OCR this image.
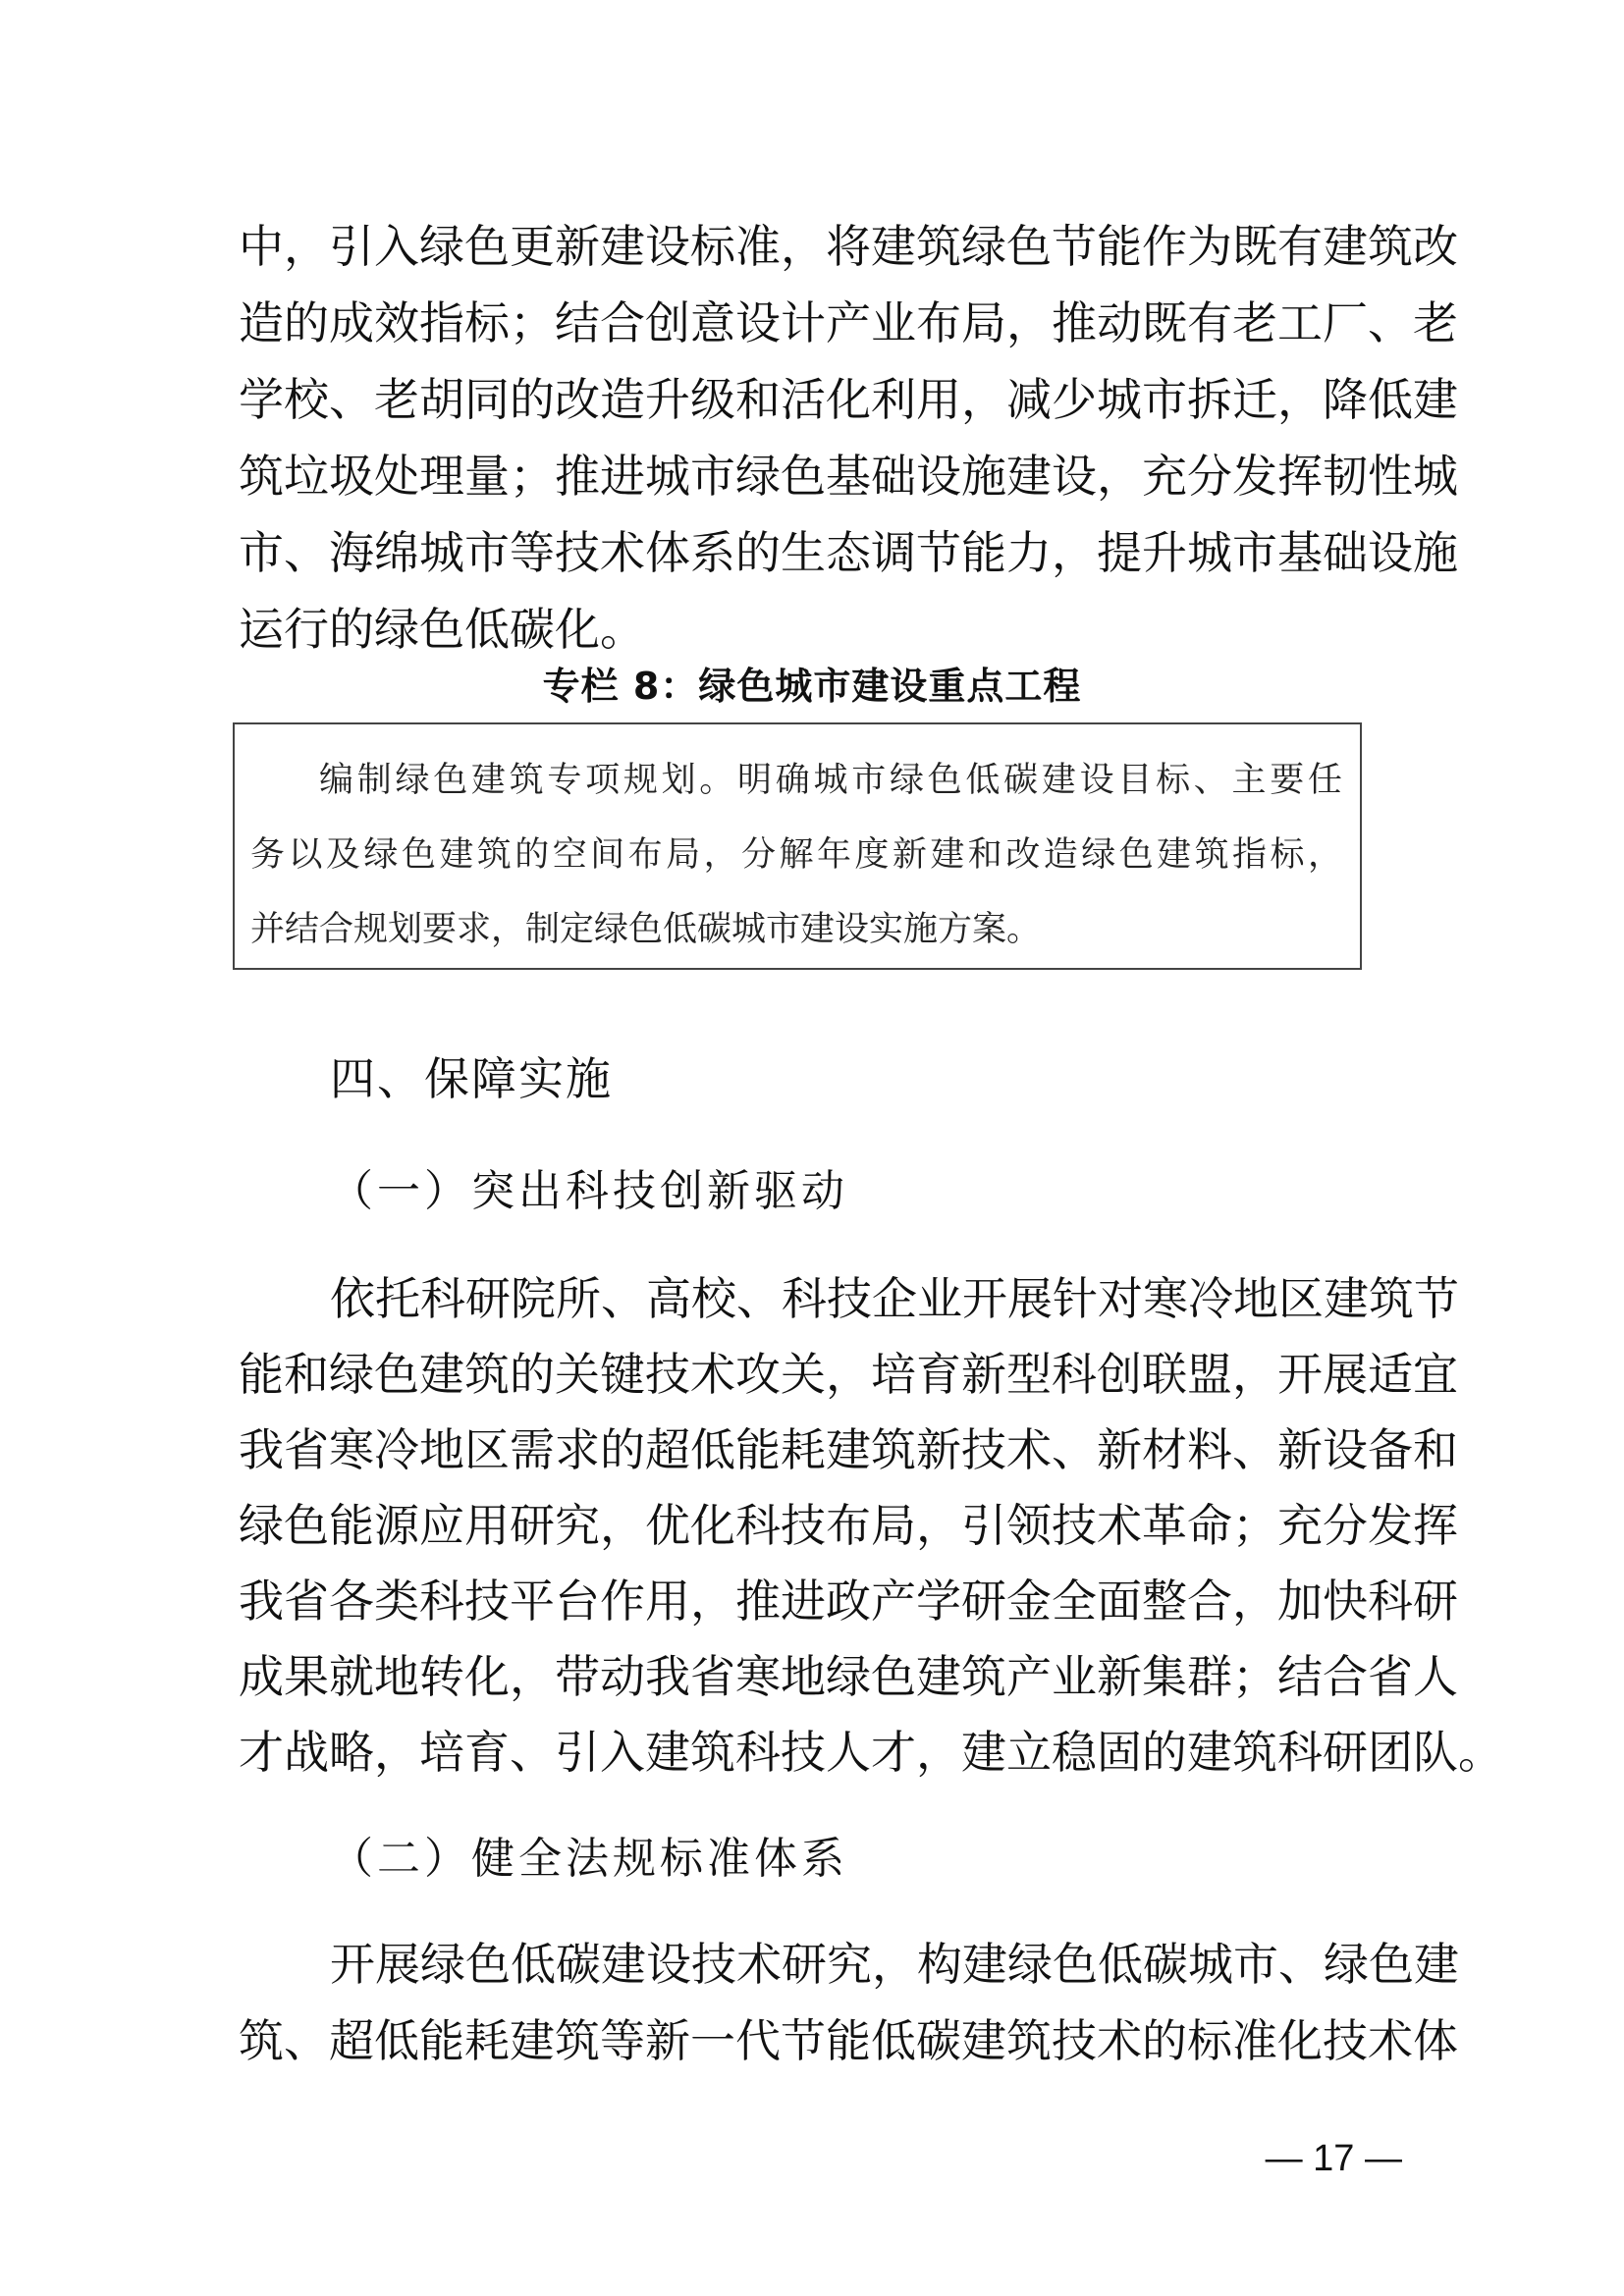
中，引入绿色更新建设标准，将建筑绿色节能作为既有建筑改
造的成效指标；结合创意设计产业布局，推动既有老工厂、老
学校、老胡同的改造升级和活化利用，减少城市拆迁，降低建
筑垃圾处理量；推进城市绿色基础设施建设，充分发挥韧性城
市、海绵城市等技术体系的生态调节能力，提升城市基础设施
运行的绿色低碳化。
专栏 8：绿色城市建设重点工程
编制绿色建筑专项规划。明确城市绿色低碳建设目标、主要任
务以及绿色建筑的空间布局，分解年度新建和改造绿色建筑指标，
并结合规划要求，制定绿色低碳城市建设实施方案。
四、保障实施
（一）突出科技创新驱动
依托科研院所、高校、科技企业开展针对寒冷地区建筑节
能和绿色建筑的关键技术攻关，培育新型科创联盟，开展适宜
我省寒冷地区需求的超低能耗建筑新技术、新材料、新设备和
绿色能源应用研究，优化科技布局，引领技术革命；充分发挥
我省各类科技平台作用，推进政产学研金全面整合，加快科研
成果就地转化，带动我省寒地绿色建筑产业新集群；结合省人
才战略，培育、引入建筑科技人才，建立稳固的建筑科研团队。
（二）健全法规标准体系
开展绿色低碳建设技术研究，构建绿色低碳城市、绿色建
筑、超低能耗建筑等新一代节能低碳建筑技术的标准化技术体
— 17 —
